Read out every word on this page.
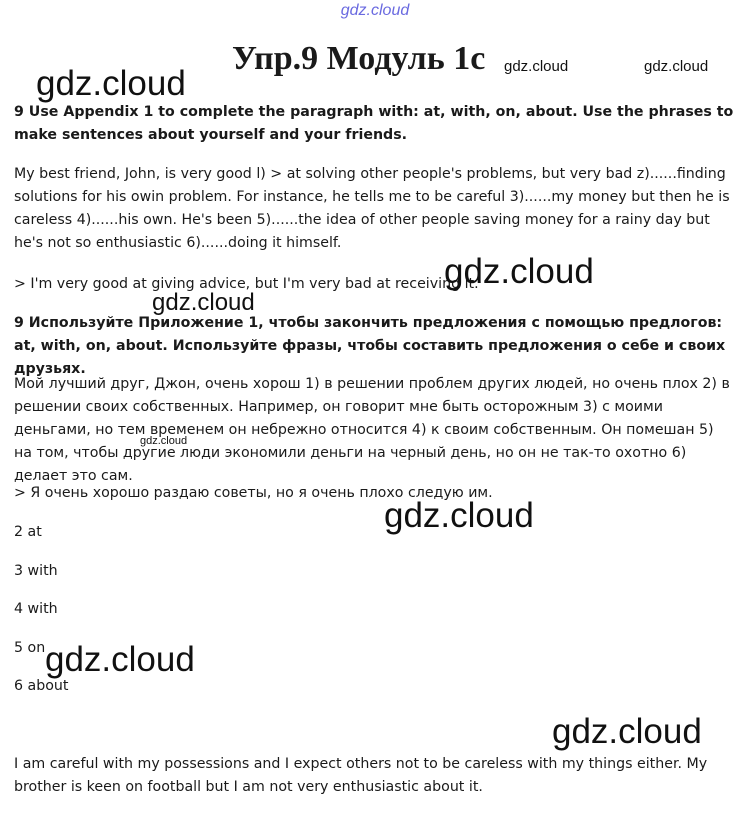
gdz.cloud
Упр.9 Модуль 1с gdz.cloud	gdz.cloud
gdz.cloud

9 Use Appendix 1 to complete the paragraph with: at, with, on, about. Use the phrases to make sentences about yourself and your friends.

My best friend, John, is very good l) > at solving other people's problems, but very bad z)......finding solutions for his owin problem. For instance, he tells me to be careful 3)......my money but then he is careless 4)......his own. He's been 5)......the idea of other people saving money for a rainy day but he's not so enthusiastic 6)......doing it himself.

> I'm very good at giving advice, but I'm very bad at receiving it.

gdz.cloud
gdz.cloud

9 Используйте Приложение 1, чтобы закончить предложения с помощью предлогов: at, with, on, about. Используйте фразы, чтобы составить предложения о себе и своих друзьях.

Мой лучший друг, Джон, очень хорош 1) в решении проблем других людей, но очень плох 2) в решении своих собственных. Например, он говорит мне быть осторожным 3) с моими деньгами, но тем временем он небрежно относится 4) к своим собственным. Он помешан 5) на том, чтобы другие люди экономили деньги на черный день, но он не так-то охотно 6) делает это сам.

gdz.cloud

> Я очень хорошо раздаю советы, но я очень плохо следую им.

gdz.cloud
2 at
3 with
4 with
5 on
6 about
gdz.cloud
gdz.cloud

I am careful with my possessions and I expect others not to be careless with my things either. My brother is keen on football but I am not very enthusiastic about it.
